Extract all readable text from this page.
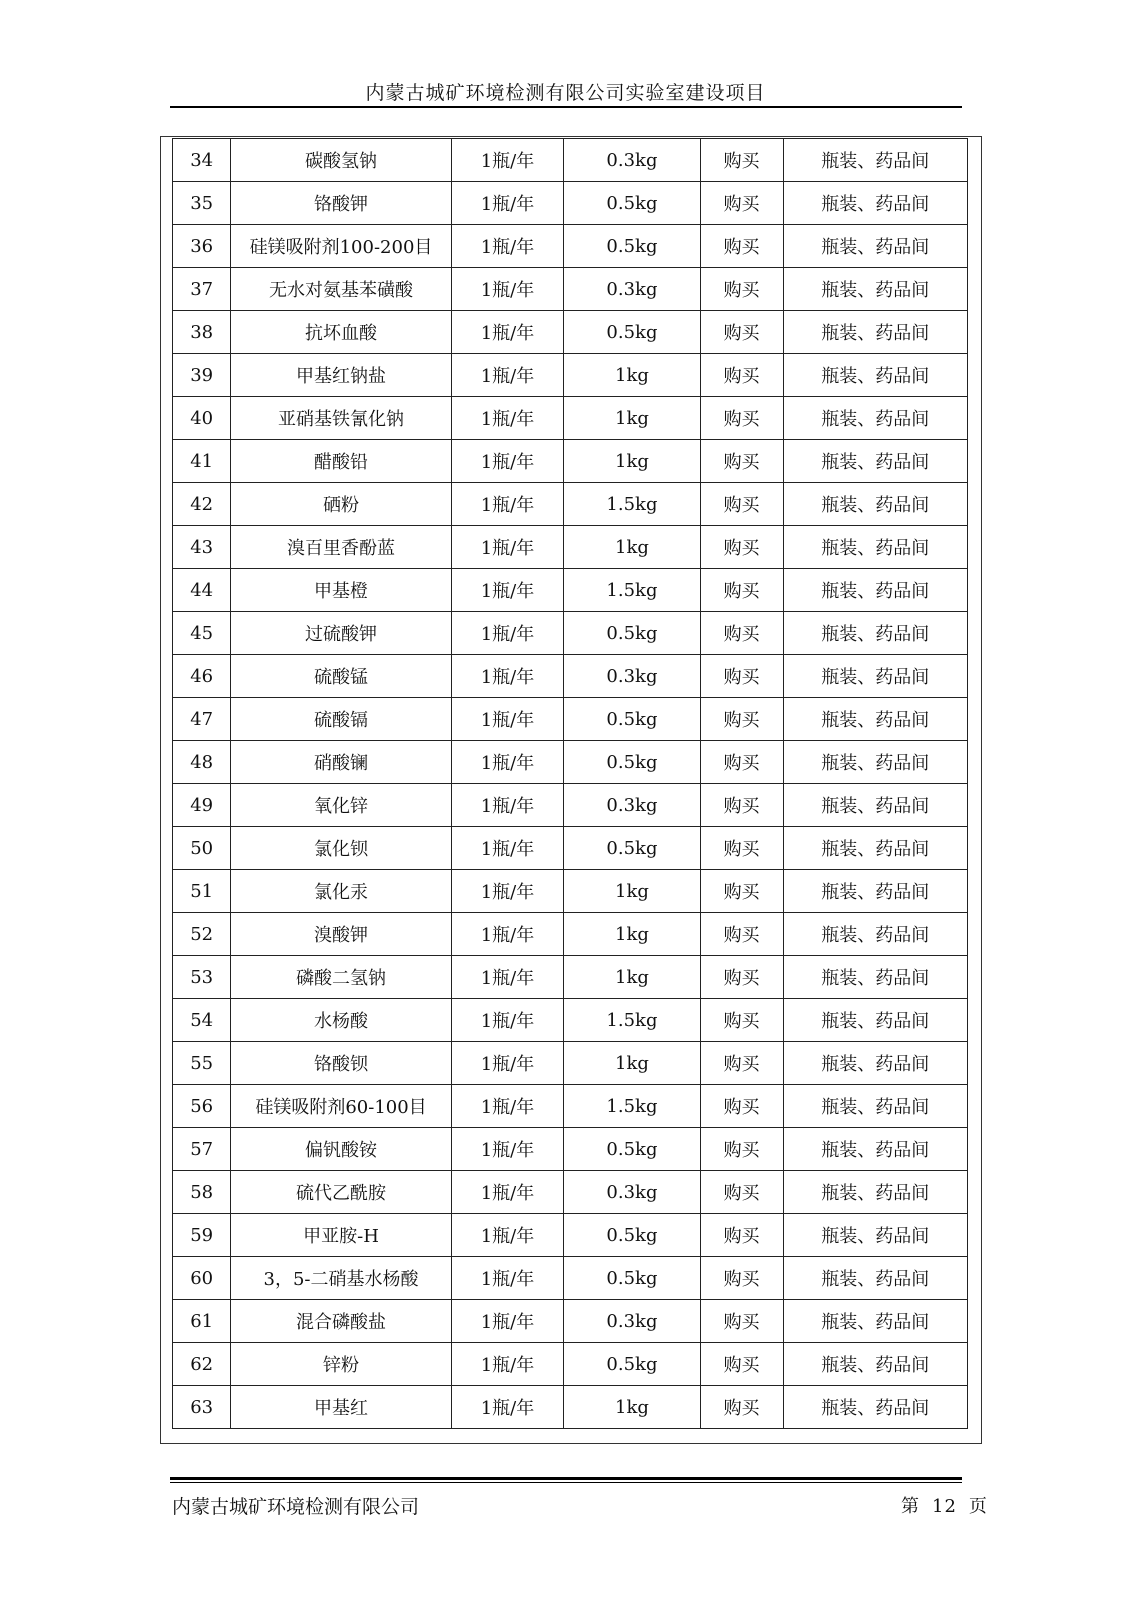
内蒙古城矿环境检测有限公司实验室建设项目
34	碳酸氢钠	1瓶/年	0.3kg	购买	瓶装、药品间
35	铬酸钾	1瓶/年	0.5kg	购买	瓶装、药品间
36	硅镁吸附剂100-200目	1瓶/年	0.5kg	购买	瓶装、药品间
37	无水对氨基苯磺酸	1瓶/年	0.3kg	购买	瓶装、药品间
38	抗坏血酸	1瓶/年	0.5kg	购买	瓶装、药品间
39	甲基红钠盐	1瓶/年	1kg	购买	瓶装、药品间
40	亚硝基铁氰化钠	1瓶/年	1kg	购买	瓶装、药品间
41	醋酸铅	1瓶/年	1kg	购买	瓶装、药品间
42	硒粉	1瓶/年	1.5kg	购买	瓶装、药品间
43	溴百里香酚蓝	1瓶/年	1kg	购买	瓶装、药品间
44	甲基橙	1瓶/年	1.5kg	购买	瓶装、药品间
45	过硫酸钾	1瓶/年	0.5kg	购买	瓶装、药品间
46	硫酸锰	1瓶/年	0.3kg	购买	瓶装、药品间
47	硫酸镉	1瓶/年	0.5kg	购买	瓶装、药品间
48	硝酸镧	1瓶/年	0.5kg	购买	瓶装、药品间
49	氧化锌	1瓶/年	0.3kg	购买	瓶装、药品间
50	氯化钡	1瓶/年	0.5kg	购买	瓶装、药品间
51	氯化汞	1瓶/年	1kg	购买	瓶装、药品间
52	溴酸钾	1瓶/年	1kg	购买	瓶装、药品间
53	磷酸二氢钠	1瓶/年	1kg	购买	瓶装、药品间
54	水杨酸	1瓶/年	1.5kg	购买	瓶装、药品间
55	铬酸钡	1瓶/年	1kg	购买	瓶装、药品间
56	硅镁吸附剂60-100目	1瓶/年	1.5kg	购买	瓶装、药品间
57	偏钒酸铵	1瓶/年	0.5kg	购买	瓶装、药品间
58	硫代乙酰胺	1瓶/年	0.3kg	购买	瓶装、药品间
59	甲亚胺-H	1瓶/年	0.5kg	购买	瓶装、药品间
60	3，5-二硝基水杨酸	1瓶/年	0.5kg	购买	瓶装、药品间
61	混合磷酸盐	1瓶/年	0.3kg	购买	瓶装、药品间
62	锌粉	1瓶/年	0.5kg	购买	瓶装、药品间
63	甲基红	1瓶/年	1kg	购买	瓶装、药品间
内蒙古城矿环境检测有限公司	第 12 页
